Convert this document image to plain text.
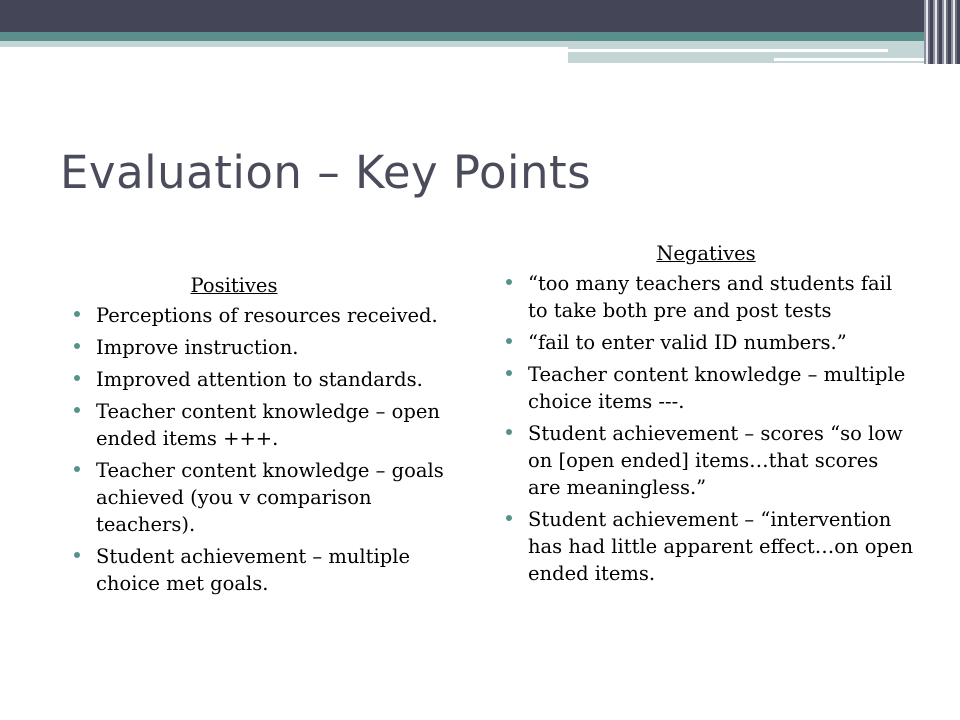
Evaluation – Key Points
Positives
Perceptions of resources received.
Improve instruction.
Improved attention to standards.
Teacher content knowledge – open ended items +++.
Teacher content knowledge – goals achieved (you v comparison teachers).
Student achievement – multiple choice met goals.
Negatives
“too many teachers and students fail to take both pre and post tests
“fail to enter valid ID numbers.”
Teacher content knowledge – multiple choice items ---.
Student achievement – scores “so low on [open ended] items…that scores are meaningless.”
Student achievement – “intervention has had little apparent effect…on open ended items.
